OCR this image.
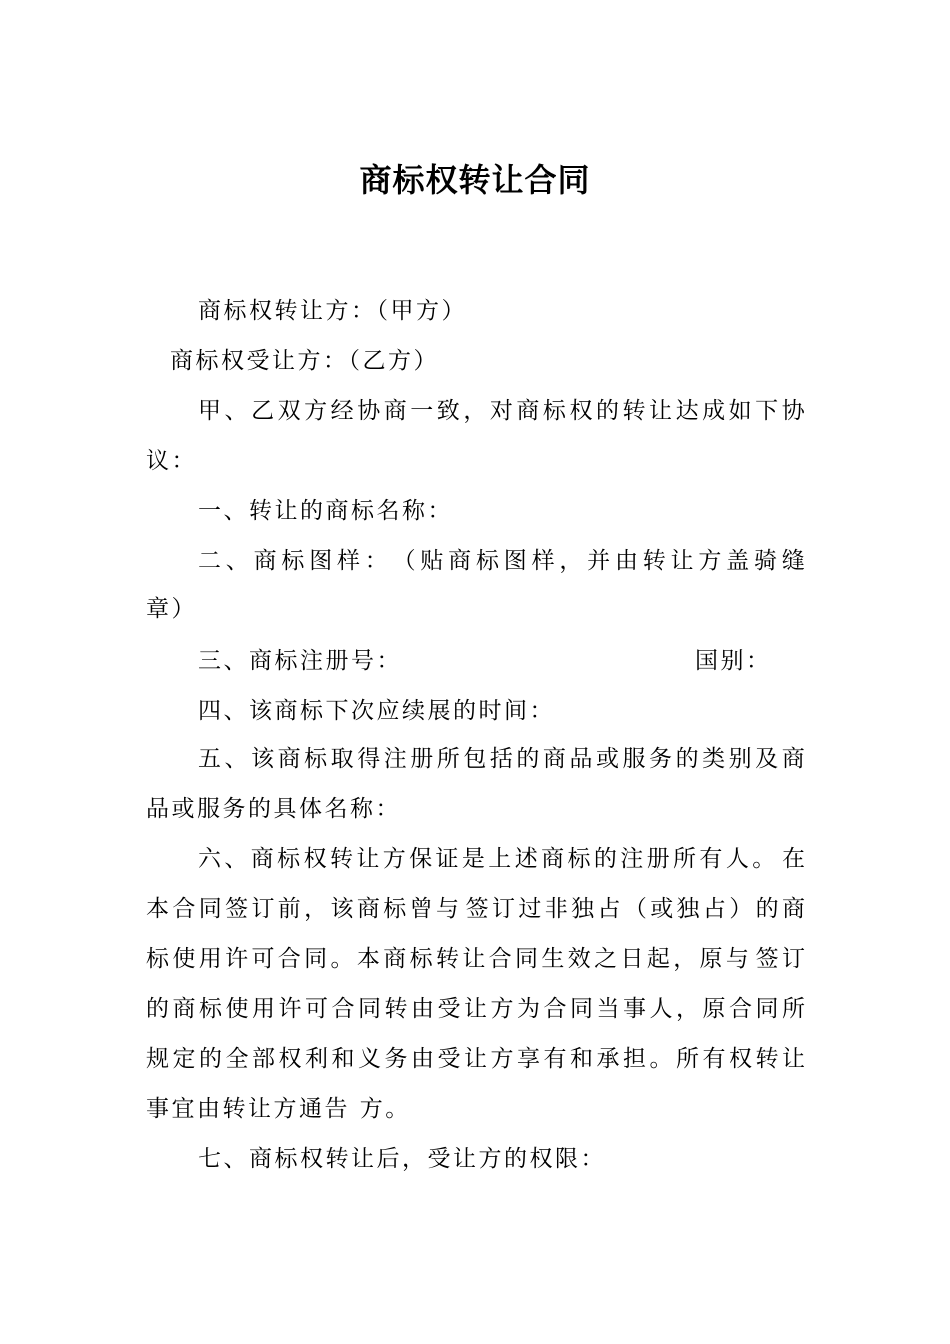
商标权转让合同
商标权转让方：（甲方）
商标权受让方：（乙方）
甲 、 乙 双 方 经 协 商 一 致 ， 对 商 标 权 的 转 让 达 成 如 下 协
议：
一、转让的商标名称：
二 、 商 标 图 样 ： （ 贴 商 标 图 样 ， 并 由 转 让 方 盖 骑 缝
章）
三、商标注册号：	国别：
四、该商标下次应续展的时间：
五 、 该 商 标 取 得 注 册 所 包 括 的 商 品 或 服 务 的 类 别 及 商
品或服务的具体名称：
六 、 商 标 权 转 让 方 保 证 是 上 述 商 标 的 注 册 所 有 人 。 在
本 合 同 签 订 前 ， 该 商 标 曾 与 签 订 过 非 独 占 （ 或 独 占 ） 的 商
标 使 用 许 可 合 同 。 本 商 标 转 让 合 同 生 效 之 日 起 ， 原 与 签 订
的 商 标 使 用 许 可 合 同 转 由 受 让 方 为 合 同 当 事 人 ， 原 合 同 所
规 定 的 全 部 权 利 和 义 务 由 受 让 方 享 有 和 承 担 。 所 有 权 转 让
事宜由转让方通告 方。
七、商标权转让后，受让方的权限：
